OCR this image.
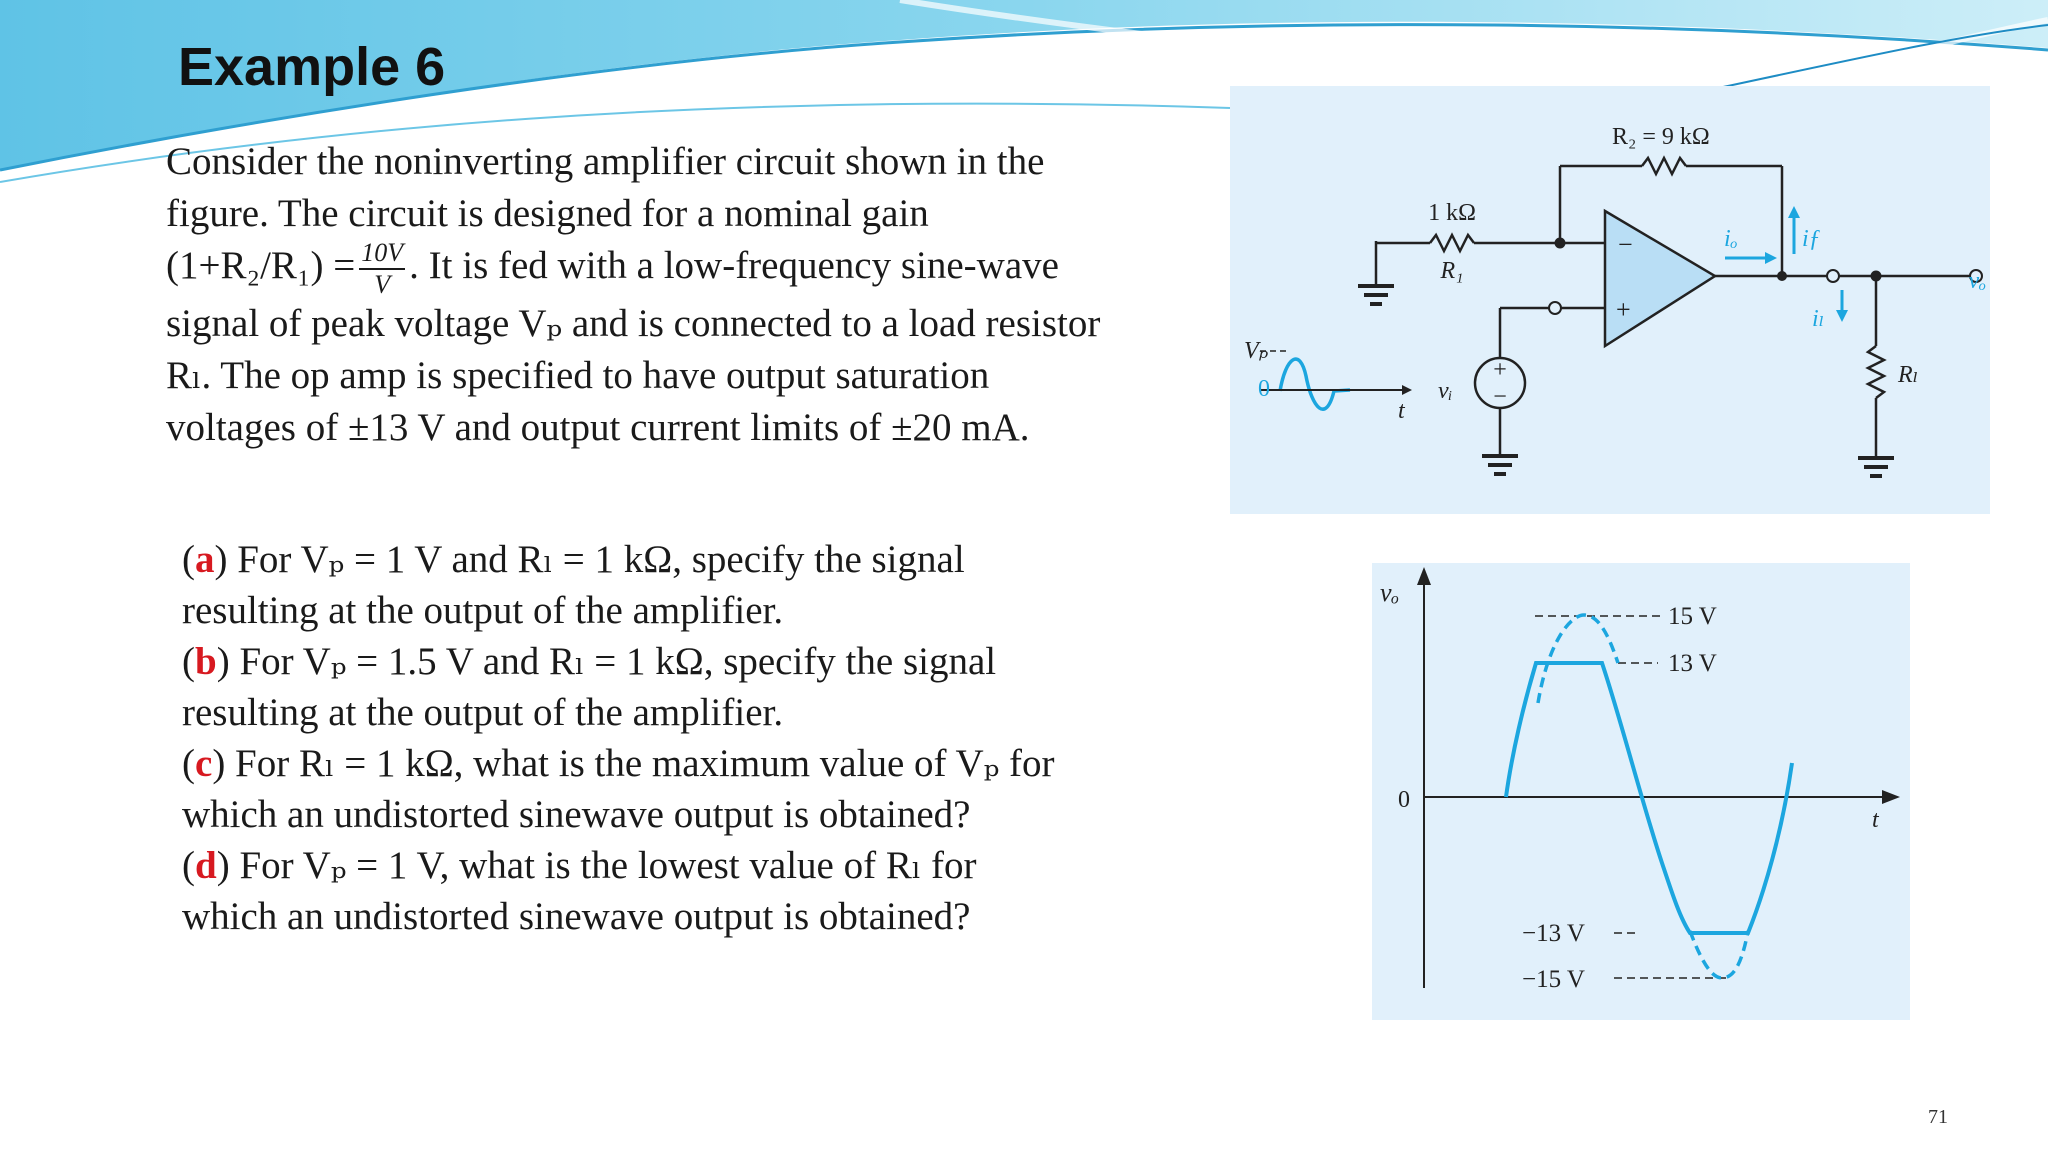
Example 6
Consider the noninverting amplifier circuit shown in the
figure. The circuit is designed for a nominal gain
$(1+R_2/R_1) = \frac{10V}{V}$ . It is fed with a low-frequency sine-wave
signal of peak voltage Vₚ and is connected to a load resistor
Rₗ. The op amp is specified to have output saturation
voltages of ±13 V and output current limits of ±20 mA.
(a) For Vₚ = 1 V and Rₗ = 1 kΩ, specify the signal
resulting at the output of the amplifier.
(b) For Vₚ = 1.5 V and Rₗ = 1 kΩ, specify the signal
resulting at the output of the amplifier.
(c) For Rₗ = 1 kΩ, what is the maximum value of Vₚ for
which an undistorted sinewave output is obtained?
(d) For Vₚ = 1 V, what is the lowest value of Rₗ for
which an undistorted sinewave output is obtained?
+
−
R₂ = 9 kΩ
1 kΩ
R₁
−
+
iₒ	iƒ
iₗ
vₒ
Rₗ
vᵢ
Vₚ
0
t
vₒ
t
0
15 V
13 V
−13 V
−15 V
71
